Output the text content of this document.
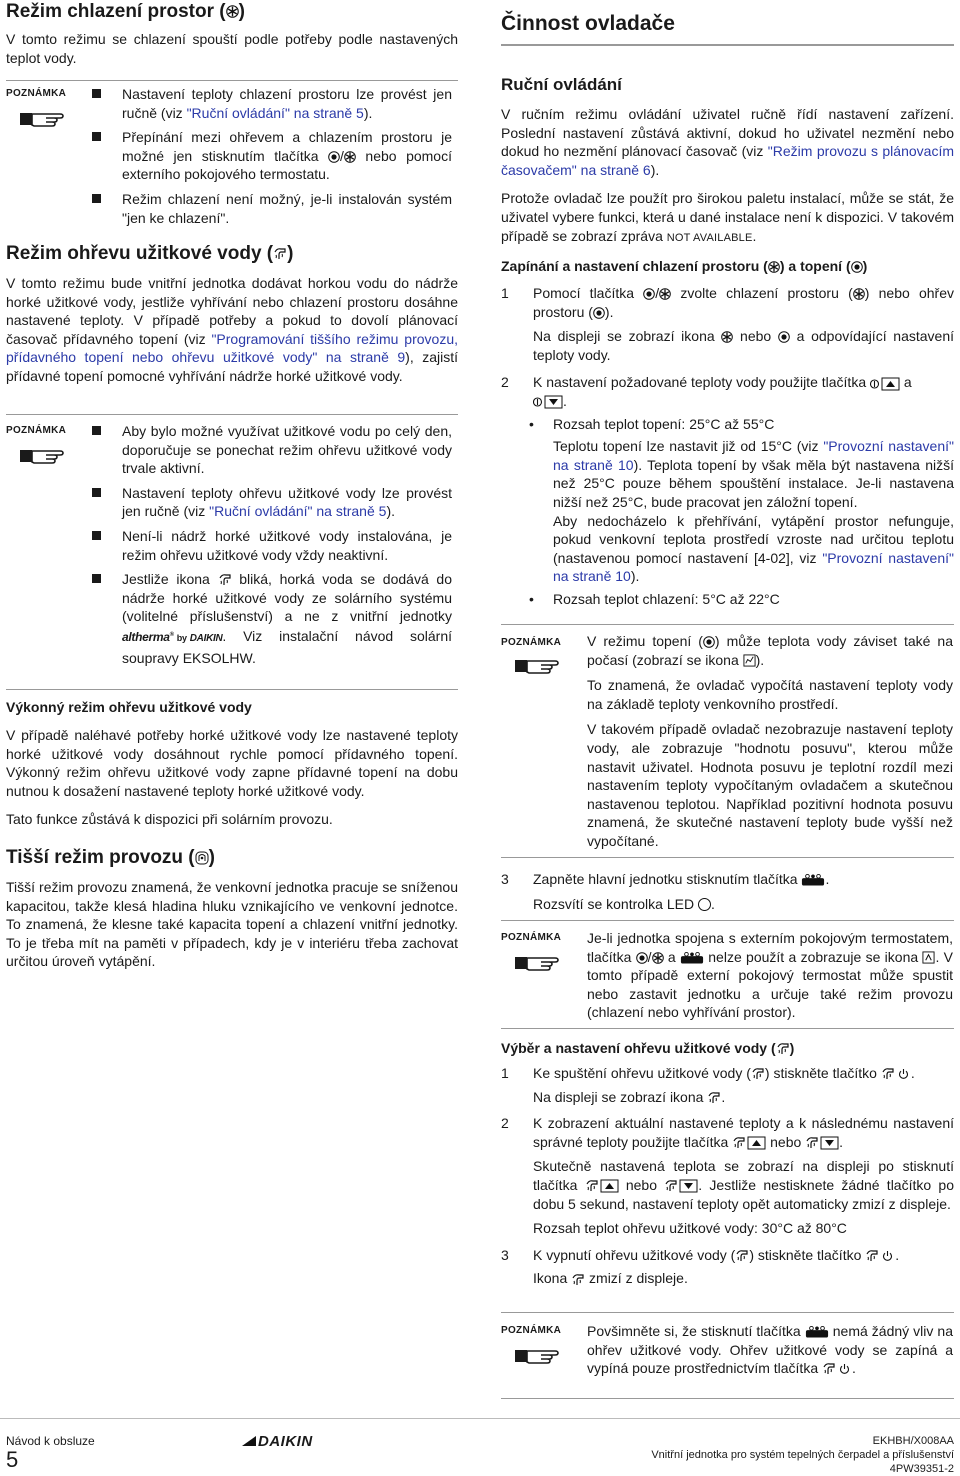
Režim chlazení prostor ( )

V tomto režimu se chlazení spouští podle potřeby podle nastavených teplot vody.

POZNÁMKA	Nastavení teploty chlazení prostoru lze provést jen ručně (viz "Ruční ovládání" na straně 5).
Přepínání mezi ohřevem a chlazením prostoru je možné jen stisknutím tlačítka / nebo pomocí externího pokojového termostatu.
Režim chlazení není možný, je-li instalován systém "jen ke chlazení".
Režim ohřevu užitkové vody ( )

V tomto režimu bude vnitřní jednotka dodávat horkou vodu do nádrže horké užitkové vody, jestliže vyhřívání nebo chlazení prostoru dosáhne nastavené teploty. V případě potřeby a pokud to dovolí plánovací časovač přídavného topení (viz "Programování tiššího režimu provozu, přídavného topení nebo ohřevu užitkové vody" na straně 9), zajistí přídavné topení pomocné vyhřívání nádrže horké užitkové vody.

POZNÁMKA	Aby bylo možné využívat užitkové vodu po celý den, doporučuje se ponechat režim ohřevu užitkové vody trvale aktivní.
Nastavení teploty ohřevu užitkové vody lze provést jen ručně (viz "Ruční ovládání" na straně 5).
Není-li nádrž horké užitkové vody instalována, je režim ohřevu užitkové vody vždy neaktivní.
Jestliže ikona  bliká, horká voda se dodává do nádrže horké užitkové vody ze solárního systému (volitelné příslušenství) a ne z vnitřní jednotky altherma® by DAIKIN. Viz instalační návod solární soupravy EKSOLHW.
Výkonný režim ohřevu užitkové vody

V případě naléhavé potřeby horké užitkové vody lze nastavené teploty horké užitkové vody dosáhnout rychle pomocí přídavného topení. Výkonný režim ohřevu užitkové vody zapne přídavné topení na dobu nutnou k dosažení nastavené teploty horké užitkové vody.

Tato funkce zůstává k dispozici při solárním provozu.

Tišší režim provozu ( )

Tišší režim provozu znamená, že venkovní jednotka pracuje se sníženou kapacitou, takže klesá hladina hluku vznikajícího ve venkovní jednotce. To znamená, že klesne také kapacita topení a chlazení vnitřní jednotky. To je třeba mít na paměti v případech, kdy je v interiéru třeba zachovat určitou úroveň vytápění.

Činnost ovladače
Ruční ovládání

V ručním režimu ovládání uživatel ručně řídí nastavení zařízení. Poslední nastavení zůstává aktivní, dokud ho uživatel nezmění nebo dokud ho nezmění plánovací časovač (viz "Režim provozu s plánovacím časovačem" na straně 6).

Protože ovladač lze použít pro širokou paletu instalací, může se stát, že uživatel vybere funkci, která u dané instalace není k dispozici. V takovém případě se zobrazí zpráva NOT AVAILABLE.

Zapínání a nastavení chlazení prostoru ( ) a topení ( )
1 Pomocí tlačítka / zvolte chlazení prostoru ( ) nebo ohřev prostoru ( ).

Na displeji se zobrazí ikona  nebo  a odpovídající nastavení teploty vody.

2 K nastavení požadované teploty vody použijte tlačítka  a
.

• Rozsah teplot topení: 25°C až 55°C

Teplotu topení lze nastavit již od 15°C (viz "Provozní nastavení" na straně 10). Teplota topení by však měla být nastavena nižší než 25°C pouze během spouštění instalace. Je-li nastavena nižší než 25°C, bude pracovat jen záložní topení.

Aby nedocházelo k přehřívání, vytápění prostor nefunguje, pokud venkovní teplota prostředí vzroste nad určitou teplotu (nastavenou pomocí nastavení [4-02], viz "Provozní nastavení" na straně 10).

• Rozsah teplot chlazení: 5°C až 22°C

POZNÁMKA V režimu topení ( ) může teplota vody záviset také na počasí (zobrazí se ikona ).

To znamená, že ovladač vypočítá nastavení teploty vody na základě teploty venkovního prostředí.

V takovém případě ovladač nezobrazuje nastavení teploty vody, ale zobrazuje "hodnotu posuvu", kterou může nastavit uživatel. Hodnota posuvu je teplotní rozdíl mezi nastavením teploty vypočítaným ovladačem a skutečnou nastavenou teplotou. Například pozitivní hodnota posuvu znamená, že skutečné nastavení teploty bude vyšší než vypočítané.

3 Zapněte hlavní jednotku stisknutím tlačítka .

Rozsvítí se kontrolka LED .

POZNÁMKA Je-li jednotka spojena s externím pokojovým termostatem, tlačítka / a  nelze použít a zobrazuje se ikona . V tomto případě externí pokojový termostat může spustit nebo zastavit jednotku a určuje také režim provozu (chlazení nebo vyhřívání prostor).

Výběr a nastavení ohřevu užitkové vody ( )
1 Ke spuštění ohřevu užitkové vody ( ) stiskněte tlačítko .

Na displeji se zobrazí ikona .

2 K zobrazení aktuální nastavené teploty a k následnému nastavení správné teploty použijte tlačítka  nebo .

Skutečně nastavená teplota se zobrazí na displeji po stisknutí tlačítka  nebo . Jestliže nestisknete žádné tlačítko po dobu 5 sekund, nastavení teploty opět automaticky zmizí z displeje.

Rozsah teplot ohřevu užitkové vody: 30°C až 80°C

3 K vypnutí ohřevu užitkové vody ( ) stiskněte tlačítko .

Ikona  zmizí z displeje.

POZNÁMKA Povšimněte si, že stisknutí tlačítka  nemá žádný vliv na ohřev užitkové vody. Ohřev užitkové vody se zapíná a vypíná pouze prostřednictvím tlačítka .

Návod k obsluze
5
DAIKIN	EKHBH/X008AA
Vnitřní jednotka pro systém tepelných čerpadel a příslušenství
4PW39351-2
